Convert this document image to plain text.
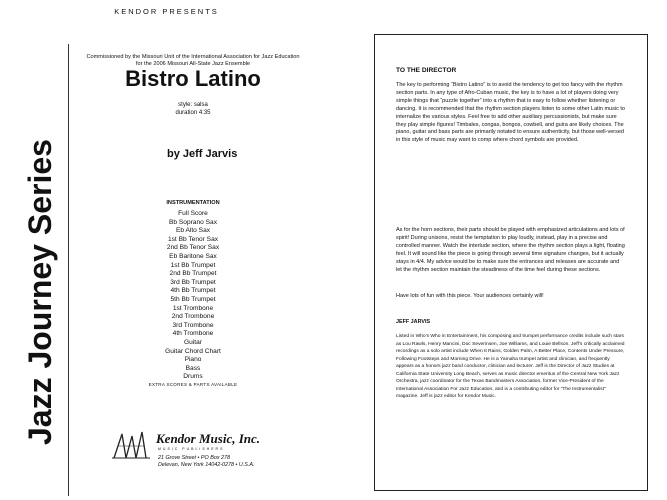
KENDOR PRESENTS
Jazz Journey Series
Commissioned by the Missouri Unit of the International Association for Jazz Education
for the 2006 Missouri All-State Jazz Ensemble
Bistro Latino
style: salsa
duration 4:35
by Jeff Jarvis
INSTRUMENTATION
Full Score
Bb Soprano Sax
Eb Alto Sax
1st Bb Tenor Sax
2nd Bb Tenor Sax
Eb Baritone Sax
1st Bb Trumpet
2nd Bb Trumpet
3rd Bb Trumpet
4th Bb Trumpet
5th Bb Trumpet
1st Trombone
2nd Trombone
3rd Trombone
4th Trombone
Guitar
Guitar Chord Chart
Piano
Bass
Drums
EXTRA SCORES & PARTS AVAILABLE
Kendor Music, Inc.
MUSIC PUBLISHERS
21 Grove Street • PO Box 278
Delevan, New York 14042-0278 • U.S.A.
TO THE DIRECTOR

The key to performing “Bistro Latino” is to avoid the tendency to get too fancy with the rhythm section parts. In any type of Afro-Cuban music, the key is to have a lot of players doing very simple things that “puzzle together” into a rhythm that is easy to follow whether listening or dancing. It is recommended that the rhythm section players listen to some other Latin music to internalize the various styles. Feel free to add other auxiliary percussionists, but make sure they play simple figures! Timbales, congas, bongos, cowbell, and guira are likely choices. The piano, guitar and bass parts are primarily notated to ensure authenticity, but those well-versed in this style of music may want to comp where chord symbols are provided.

As for the horn sections, their parts should be played with emphasized articulations and lots of spirit! During unisons, resist the temptation to play loudly, instead, play in a precise and controlled manner. Watch the interlude section, where the rhythm section plays a light, floating feel. It will sound like the piece is going through several time signature changes, but it actually stays in 4/4. My advice would be to make sure the entrances and releases are accurate and let the rhythm section maintain the steadiness of the time feel during these sections.

Have lots of fun with this piece. Your audiences certainly will!

JEFF JARVIS

Listed in Who’s Who in Entertainment, his composing and trumpet performance credits include such stars as Lou Rawls, Henry Mancini, Doc Severinsen, Joe Williams, and Louie Bellson. Jeff’s critically acclaimed recordings as a solo artist include When It Rains, Golden Palm, A Better Place, Contents Under Pressure, Following Footsteps and Morning Drive. He is a Yamaha trumpet artist and clinician, and frequently appears as a honors jazz band conductor, clinician and lecturer. Jeff is the Director of Jazz Studies at California State University Long Beach, serves as music director emeritus of the Central New York Jazz Orchestra, jazz coordinator for the Texas Bandmasters Association, former Vice-President of the International Association For Jazz Education, and is a contributing editor for “The Instrumentalist” magazine. Jeff is jazz editor for Kendor Music.
